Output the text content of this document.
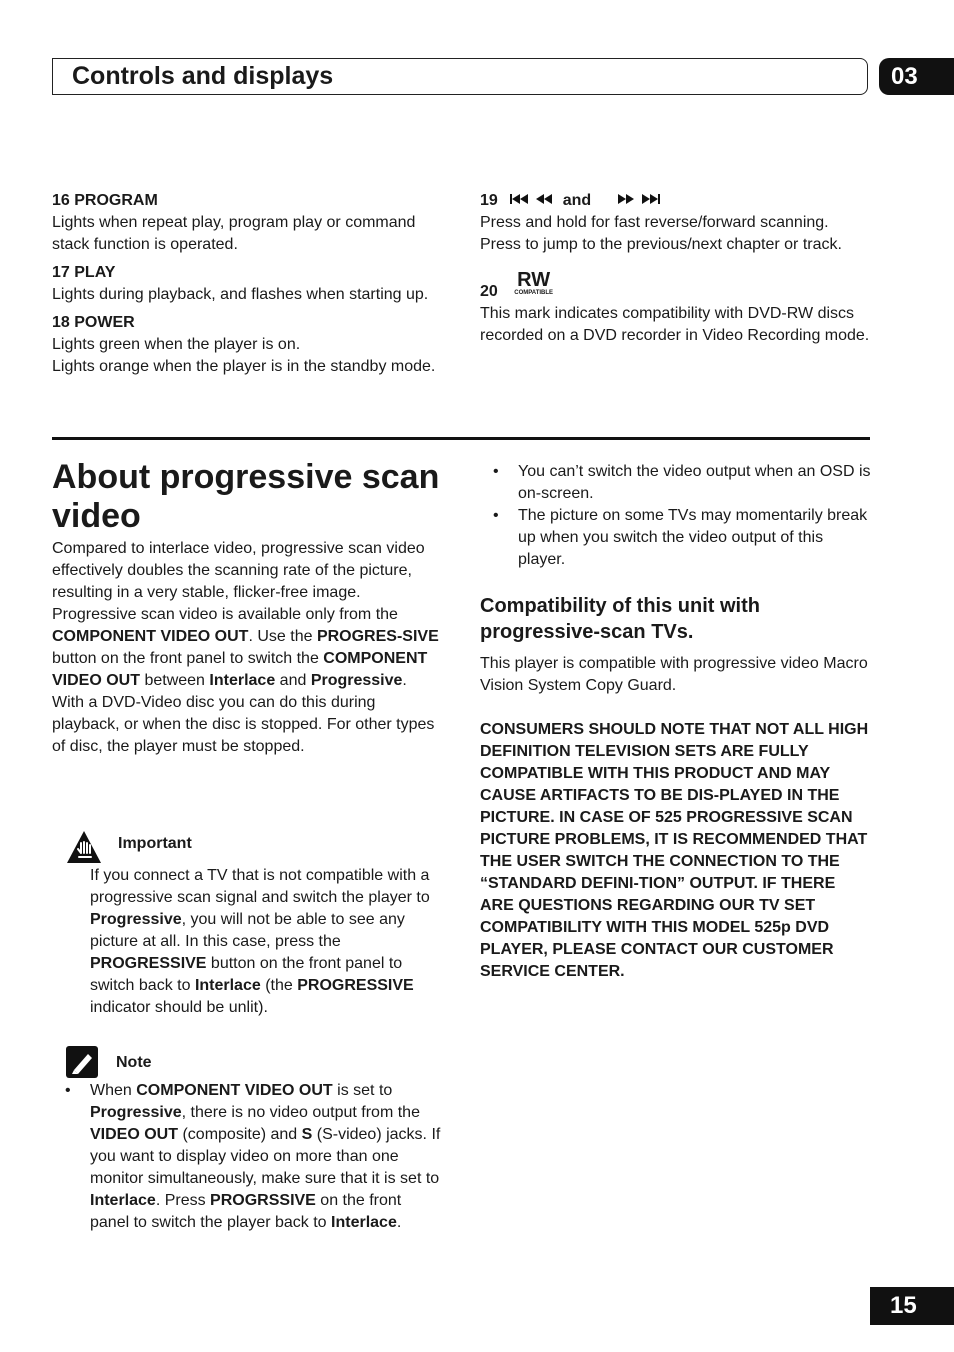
Controls and displays	03
16 PROGRAM
Lights when repeat play, program play or command stack function is operated.
17 PLAY
Lights during playback, and flashes when starting up.
18 POWER
Lights green when the player is on.
Lights orange when the player is in the standby mode.
19	and
Press and hold for fast reverse/forward scanning. Press to jump to the previous/next chapter or track.
20
RW
COMPATIBLE
This mark indicates compatibility with DVD-RW discs recorded on a DVD recorder in Video Recording mode.
About progressive scan video
Compared to interlace video, progressive scan video effectively doubles the scanning rate of the picture, resulting in a very stable, flicker-free image.
Progressive scan video is available only from the COMPONENT VIDEO OUT. Use the PROGRES-SIVE button on the front panel to switch the COMPONENT VIDEO OUT between Interlace and Progressive. With a DVD-Video disc you can do this during playback, or when the disc is stopped. For other types of disc, the player must be stopped.
Important
If you connect a TV that is not compatible with a progressive scan signal and switch the player to Progressive, you will not be able to see any picture at all. In this case, press the PROGRESSIVE button on the front panel to switch back to Interlace (the PROGRESSIVE indicator should be unlit).
Note
• When COMPONENT VIDEO OUT is set to Progressive, there is no video output from the VIDEO OUT (composite) and S (S-video) jacks. If you want to display video on more than one monitor simultaneously, make sure that it is set to Interlace. Press PROGRSSIVE on the front panel to switch the player back to Interlace.
• You can’t switch the video output when an OSD is on-screen.
• The picture on some TVs may momentarily break up when you switch the video output of this player.
Compatibility of this unit with progressive-scan TVs.
This player is compatible with progressive video Macro Vision System Copy Guard.
CONSUMERS SHOULD NOTE THAT NOT ALL HIGH DEFINITION TELEVISION SETS ARE FULLY COMPATIBLE WITH THIS PRODUCT AND MAY CAUSE ARTIFACTS TO BE DIS-PLAYED IN THE PICTURE. IN CASE OF 525 PROGRESSIVE SCAN PICTURE PROBLEMS, IT IS RECOMMENDED THAT THE USER SWITCH THE CONNECTION TO THE “STANDARD DEFINI-TION” OUTPUT. IF THERE ARE QUESTIONS REGARDING OUR TV SET COMPATIBILITY WITH THIS MODEL 525p DVD PLAYER, PLEASE CONTACT OUR CUSTOMER SERVICE CENTER.
15
